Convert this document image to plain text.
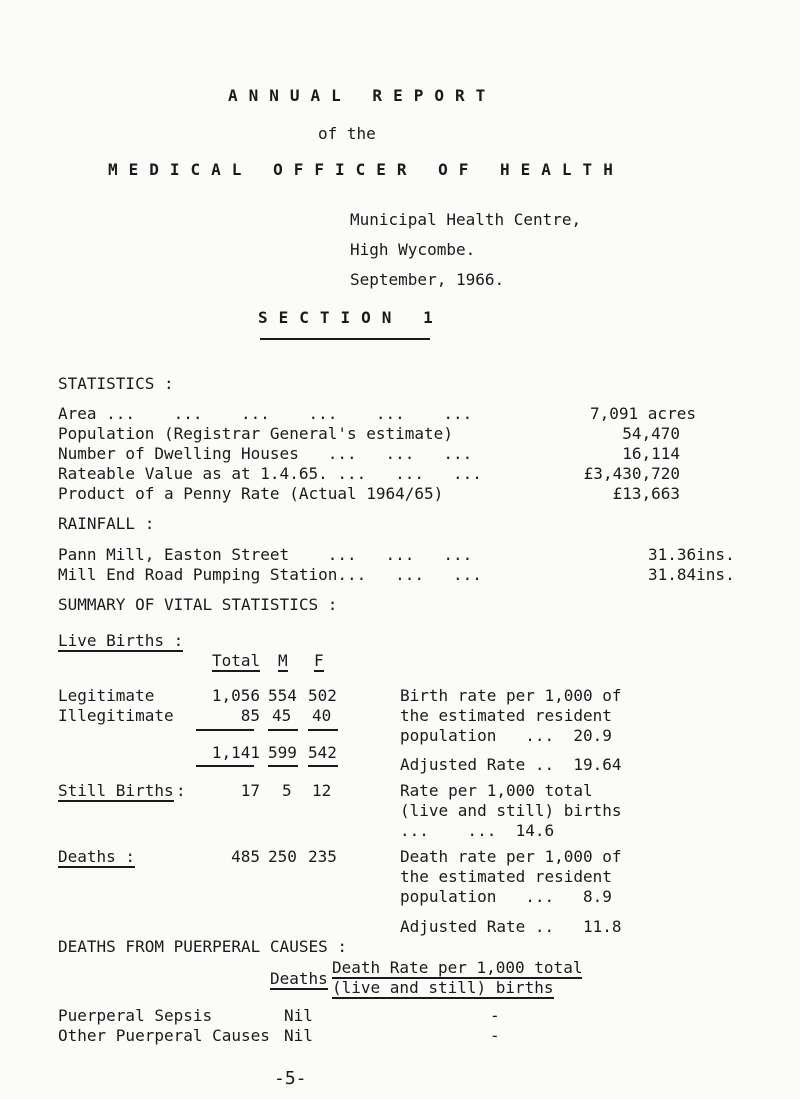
ANNUAL REPORT
of the
MEDICAL OFFICER OF HEALTH
Municipal Health Centre,
High Wycombe.
September, 1966.
SECTION 1
STATISTICS :
Area ...    ...    ...    ...    ...    ...	7,091 acres
Population (Registrar General's estimate)	54,470
Number of Dwelling Houses   ...   ...   ...	16,114
Rateable Value as at 1.4.65. ...   ...   ...	£3,430,720
Product of a Penny Rate (Actual 1964/65)	£13,663
RAINFALL :
Pann Mill, Easton Street    ...   ...   ...	31.36ins.
Mill End Road Pumping Station...   ...   ...	31.84ins.
SUMMARY OF VITAL STATISTICS :
Live Births :
Total M F
Legitimate	1,056 554 502
Illegitimate	85 45 40
1,141 599 542
Still Births :	17 5 12
Deaths :	485 250 235
Birth rate per 1,000 of
the estimated resident
population   ...  20.9
Adjusted Rate ..  19.64
Rate per 1,000 total
(live and still) births
...    ...  14.6
Death rate per 1,000 of
the estimated resident
population   ...   8.9
Adjusted Rate ..   11.8
DEATHS FROM PUERPERAL CAUSES :
Deaths
Death Rate per 1,000 total
(live and still) births
Puerperal Sepsis	Nil	-
Other Puerperal Causes Nil	-
-5-
